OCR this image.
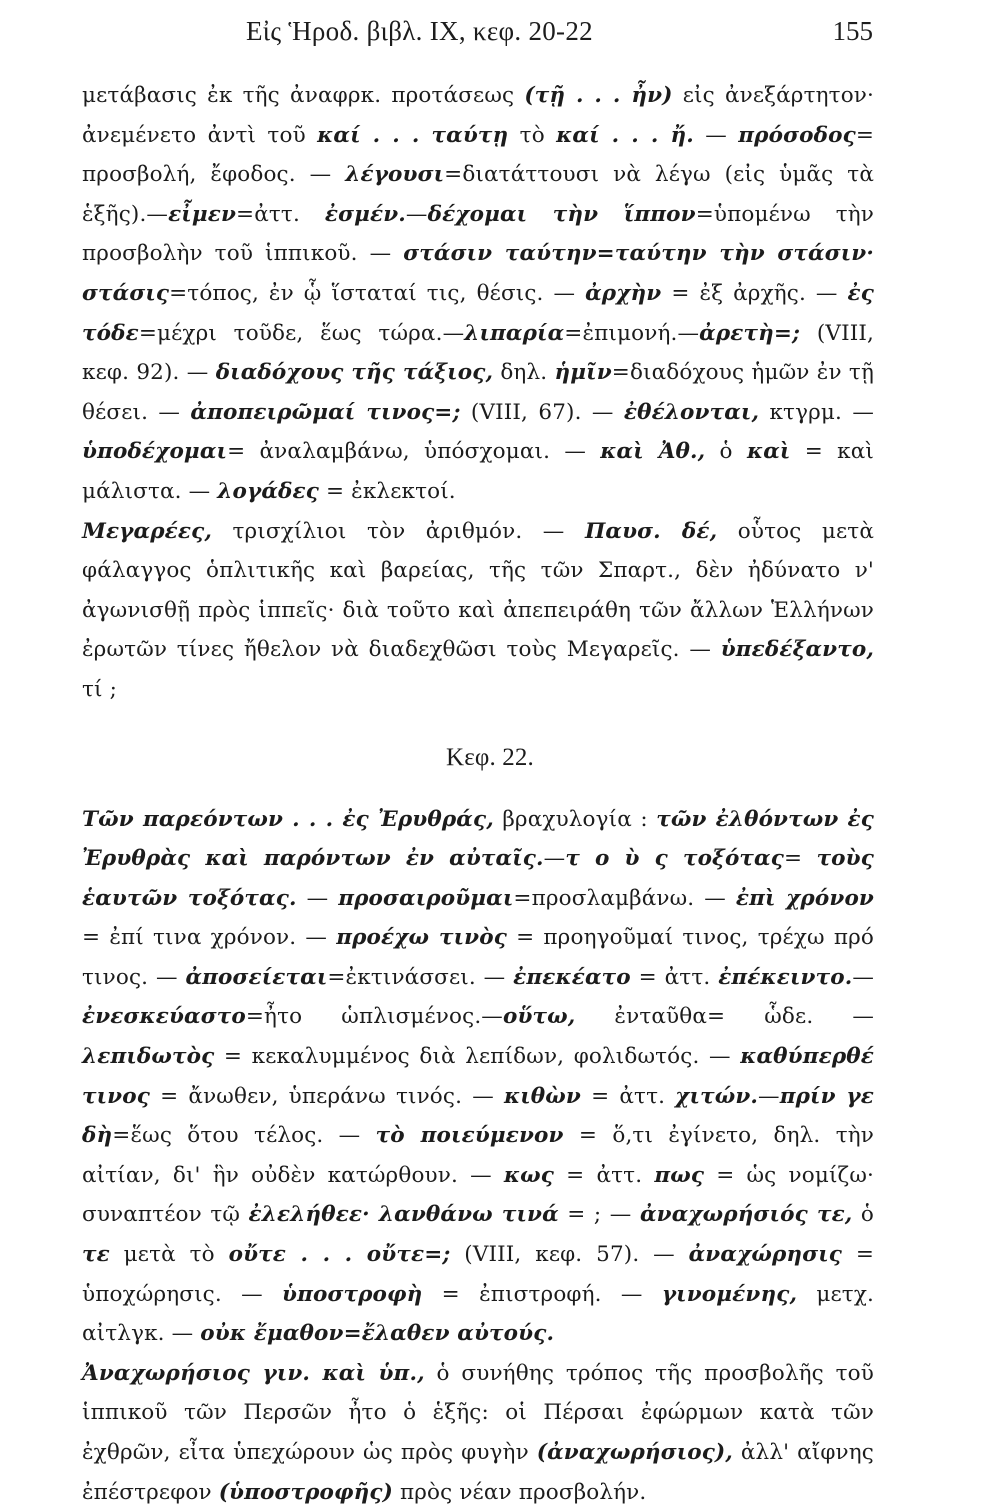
Εἰς Ἡροδ. βιβλ. IX, κεφ. 20-22	155

μετάβασις ἐκ τῆς ἀναφρκ. προτάσεως (τῇ . . . ἦν) εἰς ἀνεξάρτητον· ἀνεμένετο ἀντὶ τοῦ καί . . . ταύτῃ τὸ καί . . . ἤ. — πρόσοδος= προσβολή, ἔφοδος. — λέγουσι=διατάττουσι νὰ λέγω (εἰς ὑμᾶς τὰ ἑξῆς).—εἶμεν=ἀττ. ἐσμέν.—δέχομαι τὴν ἵππον=ὑπομένω τὴν προσβολὴν τοῦ ἱππικοῦ. — στάσιν ταύτην=ταύτην τὴν στάσιν· στάσις=τόπος, ἐν ᾧ ἵσταταί τις, θέσις. — ἀρχὴν = ἐξ ἀρχῆς. — ἐς τόδε=μέχρι τοῦδε, ἕως τώρα.—λιπαρία=ἐπιμονή.—ἀρετὴ=; (VIII, κεφ. 92). — διαδόχους τῆς τάξιος, δηλ. ἡμῖν=διαδόχους ἡμῶν ἐν τῇ θέσει. — ἀποπειρῶμαί τινος=; (VIII, 67). — ἐθέλονται, κτγρμ. — ὑποδέχομαι= ἀναλαμβάνω, ὑπόσχομαι. — καὶ Ἀθ., ὁ καὶ = καὶ μάλιστα. — λογάδες = ἐκλεκτοί.

Μεγαρέες, τρισχίλιοι τὸν ἀριθμόν. — Παυσ. δέ, οὗτος μετὰ φάλαγγος ὁπλιτικῆς καὶ βαρείας, τῆς τῶν Σπαρτ., δὲν ἠδύνατο ν' ἀγωνισθῇ πρὸς ἱππεῖς· διὰ τοῦτο καὶ ἀπεπειράθη τῶν ἄλλων Ἑλλήνων ἐρωτῶν τίνες ἤθελον νὰ διαδεχθῶσι τοὺς Μεγαρεῖς. — ὑπεδέξαντο, τί ;

Κεφ. 22.

Τῶν παρεόντων . . . ἐς Ἐρυθράς, βραχυλογία : τῶν ἐλθόντων ἐς Ἐρυθρὰς καὶ παρόντων ἐν αὐταῖς.—τ ο ὺ ς τοξότας= τοὺς ἑαυτῶν τοξότας. — προσαιροῦμαι=προσλαμβάνω. — ἐπὶ χρόνον = ἐπί τινα χρόνον. — προέχω τινὸς = προηγοῦμαί τινος, τρέχω πρό τινος. — ἀποσείεται=ἐκτινάσσει. — ἐπεκέατο = ἀττ. ἐπέκειντο.—ἐνεσκεύαστο=ἦτο ὡπλισμένος.—οὕτω, ἐνταῦθα= ὧδε. — λεπιδωτὸς = κεκαλυμμένος διὰ λεπίδων, φολιδωτός. — καθύπερθέ τινος = ἄνωθεν, ὑπεράνω τινός. — κιθὼν = ἀττ. χιτών.—πρίν γε δὴ=ἕως ὅτου τέλος. — τὸ ποιεύμενον = ὅ,τι ἐγίνετο, δηλ. τὴν αἰτίαν, δι' ἣν οὐδὲν κατώρθουν. — κως = ἀττ. πως = ὡς νομίζω· συναπτέον τῷ ἐλελήθεε· λανθάνω τινά = ; — ἀναχωρήσιός τε, ὁ τε μετὰ τὸ οὔτε . . . οὔτε=; (VIII, κεφ. 57). — ἀναχώρησις = ὑποχώρησις. — ὑποστροφὴ = ἐπιστροφή. — γινομένης, μετχ. αἰτλγκ. — οὐκ ἔμαθον=ἔλαθεν αὐτούς.

Ἀναχωρήσιος γιν. καὶ ὑπ., ὁ συνήθης τρόπος τῆς προσβολῆς τοῦ ἱππικοῦ τῶν Περσῶν ἦτο ὁ ἑξῆς: οἱ Πέρσαι ἐφώρμων κατὰ τῶν ἐχθρῶν, εἶτα ὑπεχώρουν ὡς πρὸς φυγὴν (ἀναχωρήσιος), ἀλλ' αἴφνης ἐπέστρεφον (ὑποστροφῆς) πρὸς νέαν προσβολήν.
